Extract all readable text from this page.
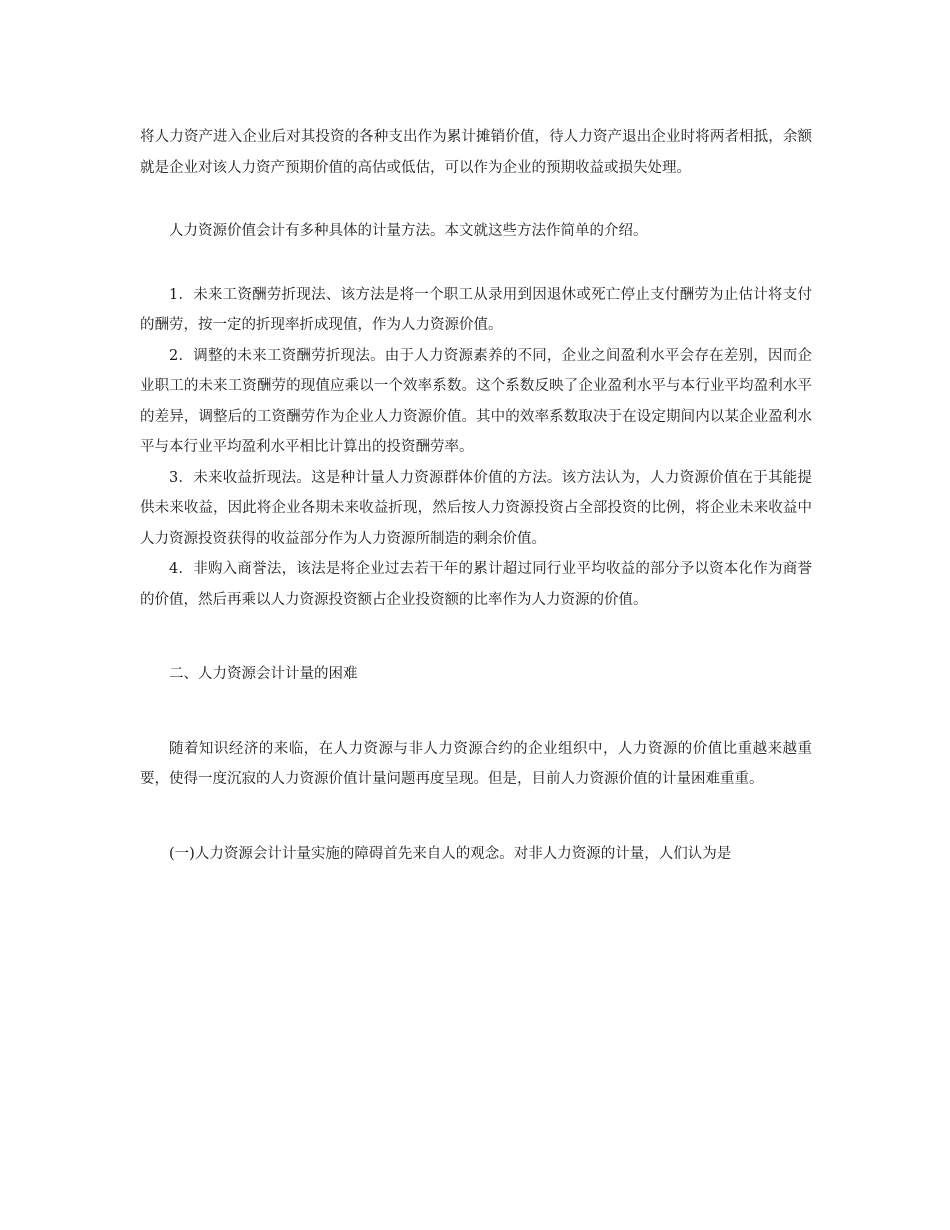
将人力资产进入企业后对其投资的各种支出作为累计摊销价值，待人力资产退出企业时将两者相抵，余额就是企业对该人力资产预期价值的高估或低估，可以作为企业的预期收益或损失处理。

人力资源价值会计有多种具体的计量方法。本文就这些方法作简单的介绍。

1．未来工资酬劳折现法、该方法是将一个职工从录用到因退休或死亡停止支付酬劳为止估计将支付的酬劳，按一定的折现率折成现值，作为人力资源价值。

2．调整的未来工资酬劳折现法。由于人力资源素养的不同，企业之间盈利水平会存在差别，因而企业职工的未来工资酬劳的现值应乘以一个效率系数。这个系数反映了企业盈利水平与本行业平均盈利水平的差异，调整后的工资酬劳作为企业人力资源价值。其中的效率系数取决于在设定期间内以某企业盈利水平与本行业平均盈利水平相比计算出的投资酬劳率。

3．未来收益折现法。这是种计量人力资源群体价值的方法。该方法认为，人力资源价值在于其能提供未来收益，因此将企业各期未来收益折现，然后按人力资源投资占全部投资的比例，将企业未来收益中人力资源投资获得的收益部分作为人力资源所制造的剩余价值。

4．非购入商誉法，该法是将企业过去若干年的累计超过同行业平均收益的部分予以资本化作为商誉的价值，然后再乘以人力资源投资额占企业投资额的比率作为人力资源的价值。

二、人力资源会计计量的困难

随着知识经济的来临，在人力资源与非人力资源合约的企业组织中，人力资源的价值比重越来越重要，使得一度沉寂的人力资源价值计量问题再度呈现。但是，目前人力资源价值的计量困难重重。

(一)人力资源会计计量实施的障碍首先来自人的观念。对非人力资源的计量，人们认为是
